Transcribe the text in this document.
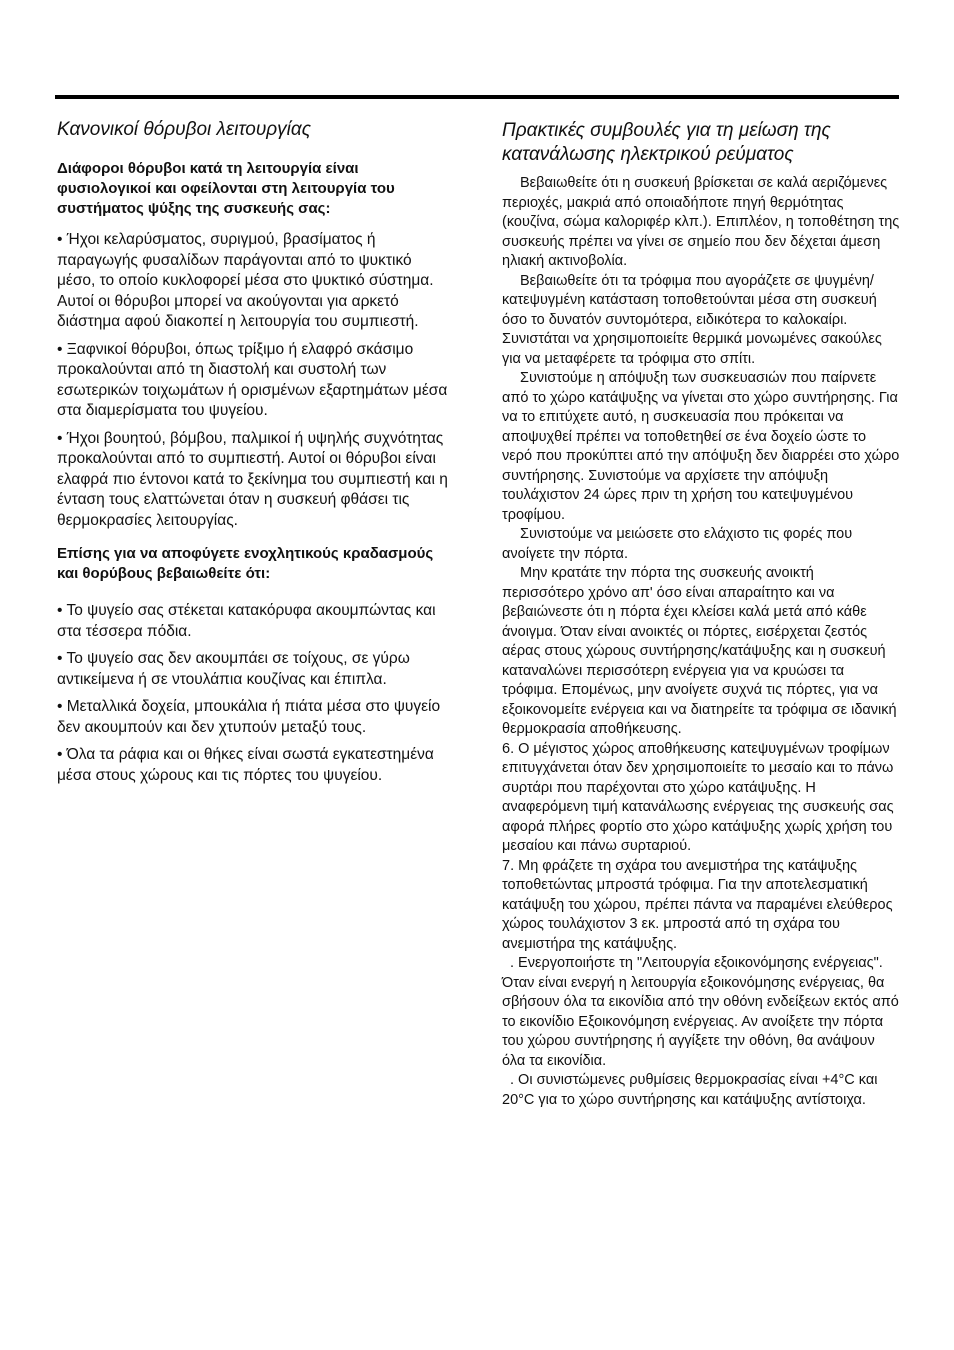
Κανονικοί θόρυβοι λειτουργίας

Διάφοροι θόρυβοι κατά τη λειτουργία είναι φυσιολογικοί και οφείλονται στη λειτουργία του συστήματος ψύξης της συσκευής σας:

• Ήχοι κελαρύσματος, συριγμού, βρασίματος ή παραγωγής φυσαλίδων παράγονται από το ψυκτικό μέσο, το οποίο κυκλοφορεί μέσα στο ψυκτικό σύστημα. Αυτοί οι θόρυβοι μπορεί να ακούγονται για αρκετό διάστημα αφού διακοπεί η λειτουργία του συμπιεστή.

• Ξαφνικοί θόρυβοι, όπως τρίξιμο ή ελαφρό σκάσιμο προκαλούνται από τη διαστολή και συστολή των εσωτερικών τοιχωμάτων ή ορισμένων εξαρτημάτων μέσα στα διαμερίσματα του ψυγείου.

• Ήχοι βουητού, βόμβου, παλμικοί ή υψηλής συχνότητας προκαλούνται από το συμπιεστή. Αυτοί οι θόρυβοι είναι ελαφρά πιο έντονοι κατά το ξεκίνημα του συμπιεστή και η ένταση τους ελαττώνεται όταν η συσκευή φθάσει τις θερμοκρασίες λειτουργίας.

Επίσης για να αποφύγετε ενοχλητικούς κραδασμούς και θορύβους βεβαιωθείτε ότι:

• Το ψυγείο σας στέκεται κατακόρυφα ακουμπώντας και στα τέσσερα πόδια.

• Το ψυγείο σας δεν ακουμπάει σε τοίχους, σε γύρω αντικείμενα ή σε ντουλάπια κουζίνας και έπιπλα.

• Μεταλλικά δοχεία, μπουκάλια ή πιάτα μέσα στο ψυγείο δεν ακουμπούν και δεν χτυπούν μεταξύ τους.

• Όλα τα ράφια και οι θήκες είναι σωστά εγκατεστημένα μέσα στους χώρους και τις πόρτες του ψυγείου.

Πρακτικές συμβουλές για τη μείωση της κατανάλωσης ηλεκτρικού ρεύματος

Βεβαιωθείτε ότι η συσκευή βρίσκεται σε καλά αεριζόμενες περιοχές, μακριά από οποιαδήποτε πηγή θερμότητας (κουζίνα, σώμα καλοριφέρ κλπ.). Επιπλέον, η τοποθέτηση της συσκευής πρέπει να γίνει σε σημείο που δεν δέχεται άμεση ηλιακή ακτινοβολία.

Βεβαιωθείτε ότι τα τρόφιμα που αγοράζετε σε ψυγμένη/κατεψυγμένη κατάσταση τοποθετούνται μέσα στη συσκευή όσο το δυνατόν συντομότερα, ειδικότερα το καλοκαίρι. Συνιστάται να χρησιμοποιείτε θερμικά μονωμένες σακούλες για να μεταφέρετε τα τρόφιμα στο σπίτι.

Συνιστούμε η απόψυξη των συσκευασιών που παίρνετε από το χώρο κατάψυξης να γίνεται στο χώρο συντήρησης. Για να το επιτύχετε αυτό, η συσκευασία που πρόκειται να αποψυχθεί πρέπει να τοποθετηθεί σε ένα δοχείο ώστε το νερό που προκύπτει από την απόψυξη δεν διαρρέει στο χώρο συντήρησης. Συνιστούμε να αρχίσετε την απόψυξη τουλάχιστον 24 ώρες πριν τη χρήση του κατεψυγμένου τροφίμου.

Συνιστούμε να μειώσετε στο ελάχιστο τις φορές που ανοίγετε την πόρτα.

Μην κρατάτε την πόρτα της συσκευής ανοικτή περισσότερο χρόνο απ' όσο είναι απαραίτητο και να βεβαιώνεστε ότι η πόρτα έχει κλείσει καλά μετά από κάθε άνοιγμα. Όταν είναι ανοικτές οι πόρτες, εισέρχεται ζεστός αέρας στους χώρους συντήρησης/κατάψυξης και η συσκευή καταναλώνει περισσότερη ενέργεια για να κρυώσει τα τρόφιμα. Επομένως, μην ανοίγετε συχνά τις πόρτες, για να εξοικονομείτε ενέργεια και να διατηρείτε τα τρόφιμα σε ιδανική θερμοκρασία αποθήκευσης.

6. Ο μέγιστος χώρος αποθήκευσης κατεψυγμένων τροφίμων επιτυγχάνεται όταν δεν χρησιμοποιείτε το μεσαίο και το πάνω συρτάρι που παρέχονται στο χώρο κατάψυξης. Η αναφερόμενη τιμή κατανάλωσης ενέργειας της συσκευής σας αφορά πλήρες φορτίο στο χώρο κατάψυξης χωρίς χρήση του μεσαίου και πάνω συρταριού.

7. Μη φράζετε τη σχάρα του ανεμιστήρα της κατάψυξης τοποθετώντας μπροστά τρόφιμα. Για την αποτελεσματική κατάψυξη του χώρου, πρέπει πάντα να παραμένει ελεύθερος χώρος τουλάχιστον 3 εκ. μπροστά από τη σχάρα του ανεμιστήρα της κατάψυξης.

. Ενεργοποιήστε τη "Λειτουργία εξοικονόμησης ενέργειας". Όταν είναι ενεργή η λειτουργία εξοικονόμησης ενέργειας, θα σβήσουν όλα τα εικονίδια από την οθόνη ενδείξεων εκτός από το εικονίδιο Εξοικονόμηση ενέργειας. Αν ανοίξετε την πόρτα του χώρου συντήρησης ή αγγίξετε την οθόνη, θα ανάψουν όλα τα εικονίδια.

. Οι συνιστώμενες ρυθμίσεις θερμοκρασίας είναι +4°C και 20°C για το χώρο συντήρησης και κατάψυξης αντίστοιχα.
